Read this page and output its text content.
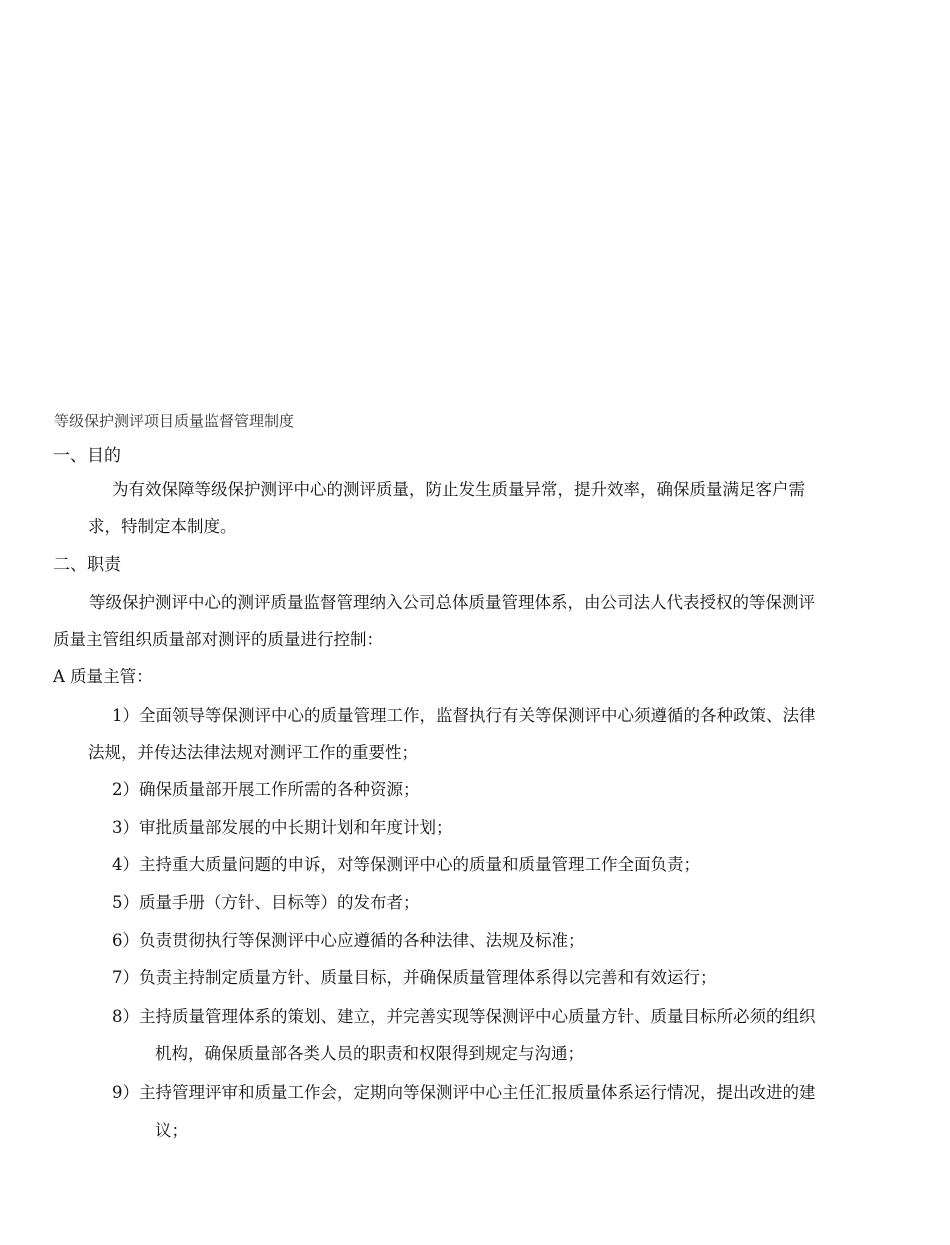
等级保护测评项目质量监督管理制度
一、目的
为有效保障等级保护测评中心的测评质量，防止发生质量异常，提升效率，确保质量满足客户需
求，特制定本制度。
二、职责
等级保护测评中心的测评质量监督管理纳入公司总体质量管理体系，由公司法人代表授权的等保测评
质量主管组织质量部对测评的质量进行控制：
A 质量主管：
1）全面领导等保测评中心的质量管理工作，监督执行有关等保测评中心须遵循的各种政策、法律
法规，并传达法律法规对测评工作的重要性；
2）确保质量部开展工作所需的各种资源；
3）审批质量部发展的中长期计划和年度计划；
4）主持重大质量问题的申诉，对等保测评中心的质量和质量管理工作全面负责；
5）质量手册（方针、目标等）的发布者；
6）负责贯彻执行等保测评中心应遵循的各种法律、法规及标准；
7）负责主持制定质量方针、质量目标，并确保质量管理体系得以完善和有效运行；
8）主持质量管理体系的策划、建立，并完善实现等保测评中心质量方针、质量目标所必须的组织
机构，确保质量部各类人员的职责和权限得到规定与沟通；
9）主持管理评审和质量工作会，定期向等保测评中心主任汇报质量体系运行情况，提出改进的建
议；
